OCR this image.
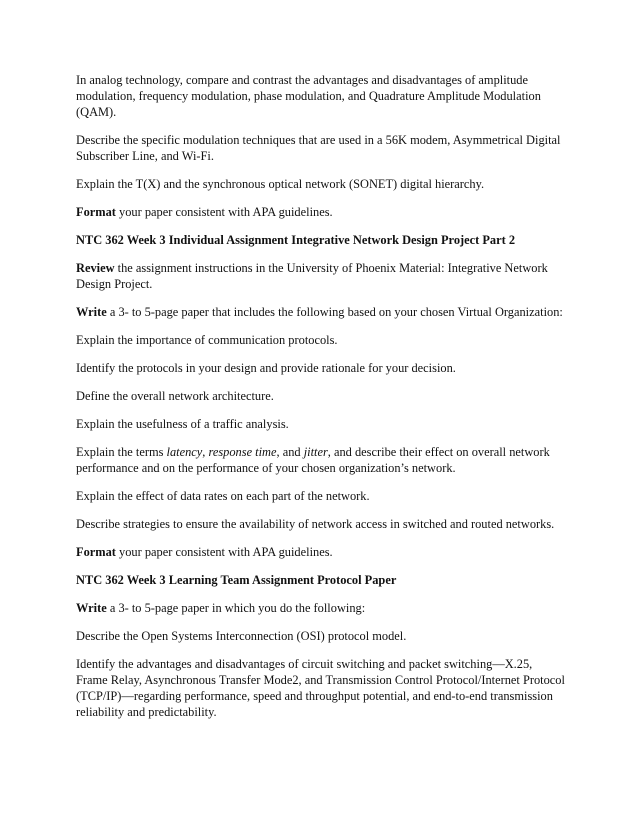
In analog technology, compare and contrast the advantages and disadvantages of amplitude modulation, frequency modulation, phase modulation, and Quadrature Amplitude Modulation (QAM).

Describe the specific modulation techniques that are used in a 56K modem, Asymmetrical Digital Subscriber Line, and Wi-Fi.

Explain the T(X) and the synchronous optical network (SONET) digital hierarchy.

Format your paper consistent with APA guidelines.

NTC 362 Week 3 Individual Assignment Integrative Network Design Project Part 2

Review the assignment instructions in the University of Phoenix Material: Integrative Network Design Project.

Write a 3- to 5-page paper that includes the following based on your chosen Virtual Organization:

Explain the importance of communication protocols.

Identify the protocols in your design and provide rationale for your decision.

Define the overall network architecture.

Explain the usefulness of a traffic analysis.

Explain the terms latency, response time, and jitter, and describe their effect on overall network performance and on the performance of your chosen organization’s network.

Explain the effect of data rates on each part of the network.

Describe strategies to ensure the availability of network access in switched and routed networks.

Format your paper consistent with APA guidelines.

NTC 362 Week 3 Learning Team Assignment Protocol Paper

Write a 3- to 5-page paper in which you do the following:

Describe the Open Systems Interconnection (OSI) protocol model.

Identify the advantages and disadvantages of circuit switching and packet switching—X.25, Frame Relay, Asynchronous Transfer Mode2, and Transmission Control Protocol/Internet Protocol (TCP/IP)—regarding performance, speed and throughput potential, and end-to-end transmission reliability and predictability.
